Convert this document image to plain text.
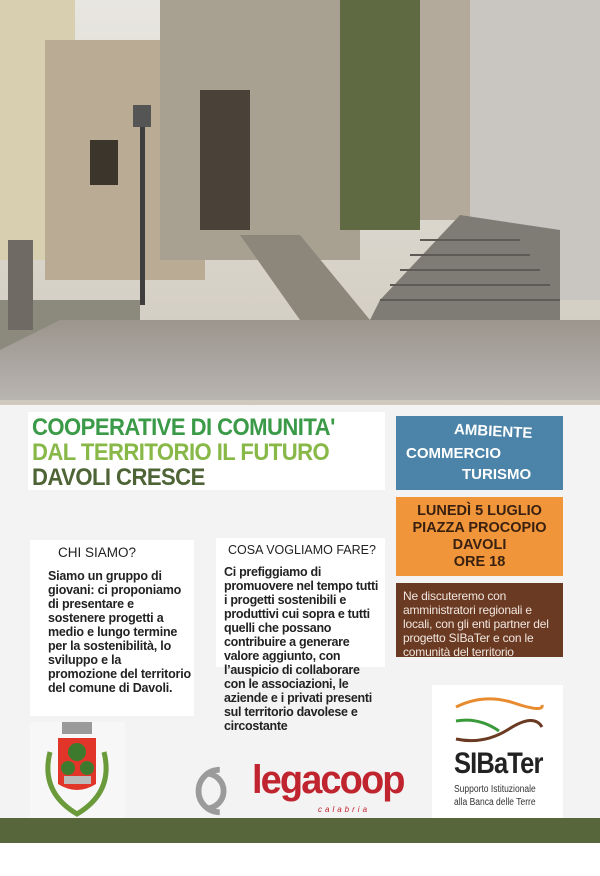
COOPERATIVE DI COMUNITA'
DAL TERRITORIO IL FUTURO
DAVOLI CRESCE
AMBIENTE
COMMERCIO
TURISMO
LUNEDÌ 5 LUGLIO
PIAZZA PROCOPIO
DAVOLI
ORE 18
Ne discuteremo con amministratori regionali e locali, con gli enti partner del progetto SIBaTer e con le comunità del territorio
CHI SIAMO?

Siamo un gruppo di giovani: ci proponiamo di presentare e sostenere progetti a medio e lungo termine per la sostenibilità, lo sviluppo e la promozione del territorio del comune di Davoli.

COSA VOGLIAMO FARE?

Ci prefiggiamo di promuovere nel tempo tutti i progetti sostenibili e produttivi cui sopra e tutti quelli che possano contribuire a generare valore aggiunto, con l’auspicio di collaborare con le associazioni, le aziende e i privati presenti sul territorio davolese e circostante

legacoop
calabria
SIBaTer
Supporto Istituzionale
alla Banca delle Terre
